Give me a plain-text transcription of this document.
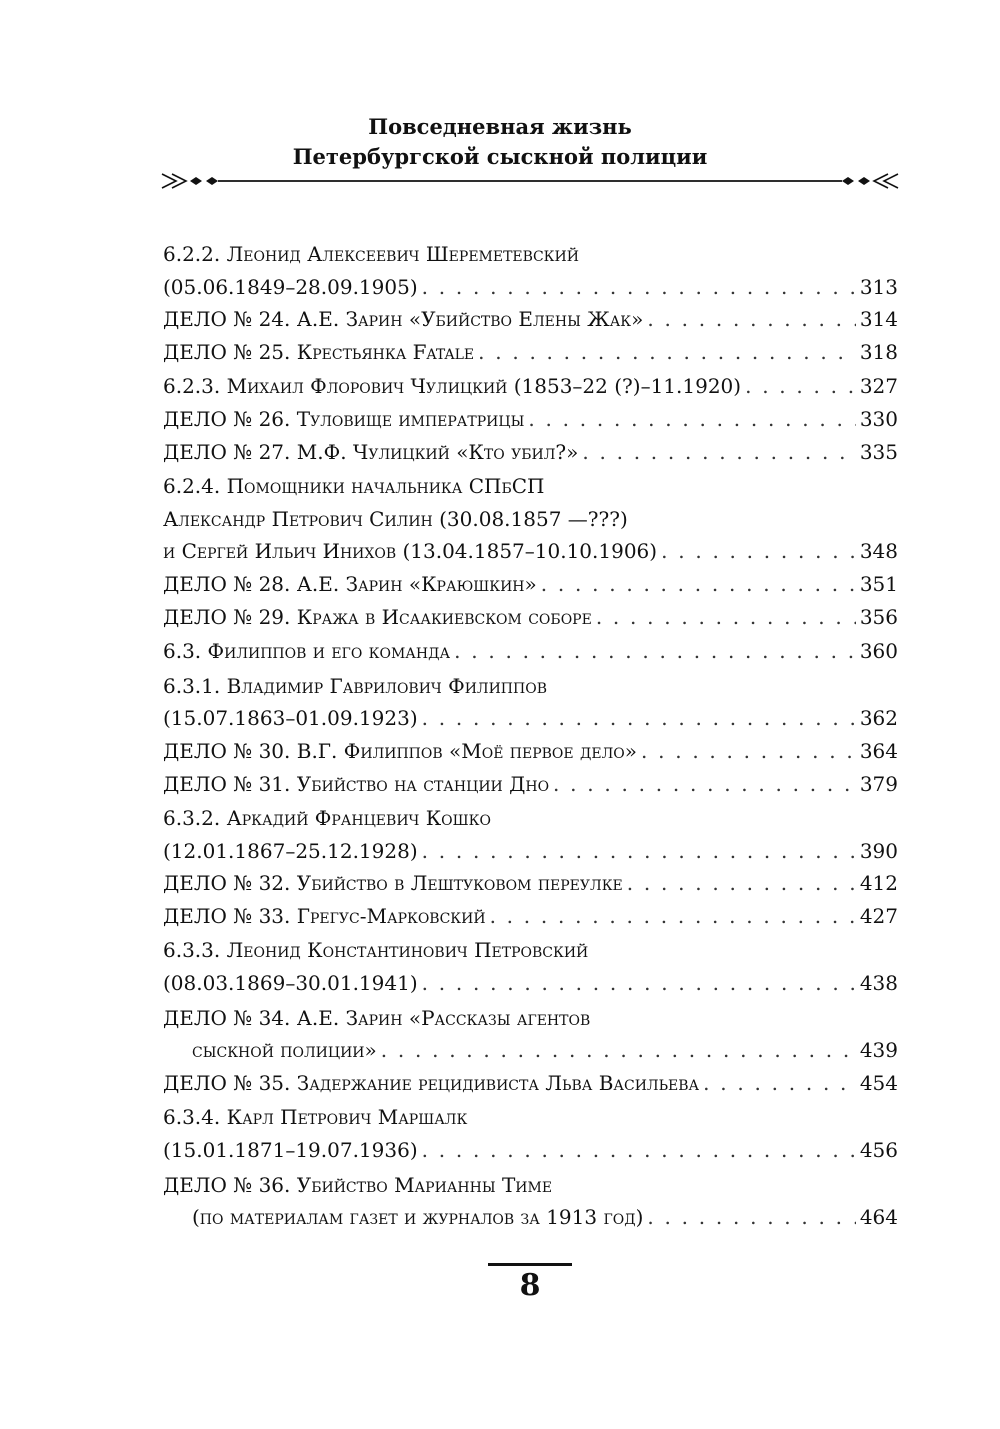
Повседневная жизнь
Петербургской сыскной полиции
6.2.2. Леонид Алексеевич Шереметевский
(05.06.1849–28.09.1905) . . .	313
ДЕЛО № 24. А.Е. Зарин «Убийство Елены Жак» . . .	314
ДЕЛО № 25. Крестьянка Fatale . . .	318
6.2.3. Михаил Флорович Чулицкий (1853–22 (?)–11.1920) . . .	327
ДЕЛО № 26. Туловище императрицы . . .	330
ДЕЛО № 27. М.Ф. Чулицкий «Кто убил?» . . .	335
6.2.4. Помощники начальника СПбСП
Александр Петрович Силин (30.08.1857 —???)
и Сергей Ильич Инихов (13.04.1857–10.10.1906) . . .	348
ДЕЛО № 28. А.Е. Зарин «Краюшкин» . . .	351
ДЕЛО № 29. Кража в Исаакиевском соборе . . .	356
6.3. Филиппов и его команда . . .	360
6.3.1. Владимир Гаврилович Филиппов
(15.07.1863–01.09.1923) . . .	362
ДЕЛО № 30. В.Г. Филиппов «Моё первое дело» . . .	364
ДЕЛО № 31. Убийство на станции Дно . . .	379
6.3.2. Аркадий Францевич Кошко
(12.01.1867–25.12.1928) . . .	390
ДЕЛО № 32. Убийство в Лештуковом переулке . . .	412
ДЕЛО № 33. Грегус-Марковский . . .	427
6.3.3. Леонид Константинович Петровский
(08.03.1869–30.01.1941) . . .	438
ДЕЛО № 34. А.Е. Зарин «Рассказы агентов
сыскной полиции» . . .	439
ДЕЛО № 35. Задержание рецидивиста Льва Васильева . . .	454
6.3.4. Карл Петрович Маршалк
(15.01.1871–19.07.1936) . . .	456
ДЕЛО № 36. Убийство Марианны Тиме
(по материалам газет и журналов за 1913 год) . . .	464
8
